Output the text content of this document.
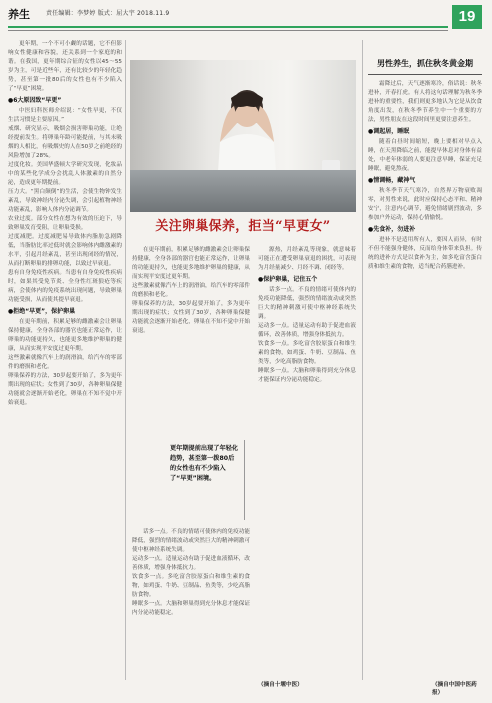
养生	责任编辑：李梦婷 版式：屈大宇 2018.11.9	19

更年期，一个不可小觑的话题，它不但影响女性健康和容貌，还关系到一个家庭的和谐。在我国，更年期综合征的女性以45～55岁为主，可是近些年，还有比较少的年轻化趋势，甚至第一批80后的女性也有不少陷入了“早更”困境。

●6大原因致“早更”

中医妇科医师介绍说：“女性早更，不仅生活习惯是主要原因。”
戒烟、研究显示，吸烟会损害卵巢功能，让绝经提前发生。将卵巢年龄可能提前，与其未吸烟的人相比，有吸烟史的人在50岁之前绝经的风险增加了28%。
过度化妆。美国华盛顿大学研究发现，化妆品中的某些化学成分会扰乱人体激素的自然分泌，造成更年期提前。
压力大。“黑白颠倒”的生活，会使生物钟发生紊乱，导致神经内分泌失调，会引起植物神经功能紊乱，影响人体内分泌调节。
农业过度。部分女性在想为有效的压迫下，导致卵巢发育受阻，让卵巢受损。
过度减肥。过度减肥易导致体内脂肪急剧降低，当脂肪比率过低时就会影响体内雌激素的水平，引起月经紊乱，甚至出现闭经的情况，从而打断卵巢的排卵功能，以致过早衰退。
患有自身免疫性疾病。当患有自身免疫性疾病时，如果其受免节炎、全身性红斑狼疮等疾病，会使体内的免疫系统出现问题，导致卵巢功能受损，从而使其提早衰退。

●拒绝“早更”，保护卵巢

在更年期前，积累足够的雌激素会让卵巢保持健康，全身各部的器官也能正常运作，让卵巢的功能更持久，也能更多地维护卵巢的健康，从而实现平安度过更年期。
这些激素就像汽车上的润滑油，给汽车的零部件的磨损和老化。
卵巢保养的方法，30岁起要开始了，多为更年期出现的症状；女性到了30岁，各种卵巢保健功能就会逐渐开始老化，卵巢在不知不觉中开始衰退。

关注卵巢保养，拒当“早更女”

源热，月经紊乱等现象，就意味着可能正在遭受卵巢衰退的困扰，可表现为月经量减少、月经不调、闭经等。

●保护卵巢，记住五个

话多一点。不良的情绪可使体内的免疫功能降低，强烈的情绪波动或突然巨大的精神刺激可使中枢神经系统失调。
运动多一点。适量运动有助于促进血液循环，改善体质，增强身体抵抗力。
饮食多一点。多吃富含胶原蛋白和维生素的食物，如鸡蛋、牛奶、豆制品、鱼类等，少吃高脂肪食物。
睡眠多一点。大脑和卵巢得到充分休息才能保证内分泌功能稳定。

在更年期前，积累足够的雌激素会让卵巢保持健康，全身各部的器官也能正常运作，让卵巢的功能更持久，也能更多地维护卵巢的健康，从而实现平安度过更年期。
这些激素就像汽车上的润滑油，给汽车的零部件的磨损和老化。
卵巢保养的方法，30岁起要开始了，多为更年期出现的症状；女性到了30岁，各种卵巢保健功能就会逐渐开始老化，卵巢在不知不觉中开始衰退。

更年期提前出现了年轻化趋势，甚至第一拨80后的女性也有不少陷入了“早更”困境。

话多一点。不良的情绪可使体内的免疫功能降低，强烈的情绪波动或突然巨大的精神刺激可使中枢神经系统失调。
运动多一点。适量运动有助于促进血液循环，改善体质，增强身体抵抗力。
饮食多一点。多吃富含胶原蛋白和维生素的食物，如鸡蛋、牛奶、豆制品、鱼类等，少吃高脂肪食物。
睡眠多一点。大脑和卵巢得到充分休息才能保证内分泌功能稳定。

（摘自十堰中医）
男性养生，抓住秋冬黄金期

霜降过后，天气逐渐寒冷，俗话说：秋冬进补，开春打虎。有人将这句话理解为秋冬季进补的重要性，我们则更多地认为它是从饮食角度出发，在秋冬季节养生中一个重要的方法，男性朋友在这段时间里更要注意养生。

●调起居，睡眠

随着白昼时间缩短，晚上要相对早点入睡，在天黑降临之前，能提早休息对身体有益处，中老年体弱的人要更注意早睡，保证充足睡眠，避免熬夜。

●情调畅，藏神气

秋冬季节天气寒冷，自然界万物衰败凋零，对男性来说，此时应保持心态平和、精神安宁，注意内心调节，避免情绪剧烈波动，多参加户外运动，保持心情愉悦。

●先食补，勿进补

进补不是适用所有人，要因人而异，有时不但不能强身健体，反而给身体带来负担。传统的进补方式是以食补为主，如多吃富含蛋白质和维生素的食物，适当配合药膳进补。

（摘自中国中医药报）
